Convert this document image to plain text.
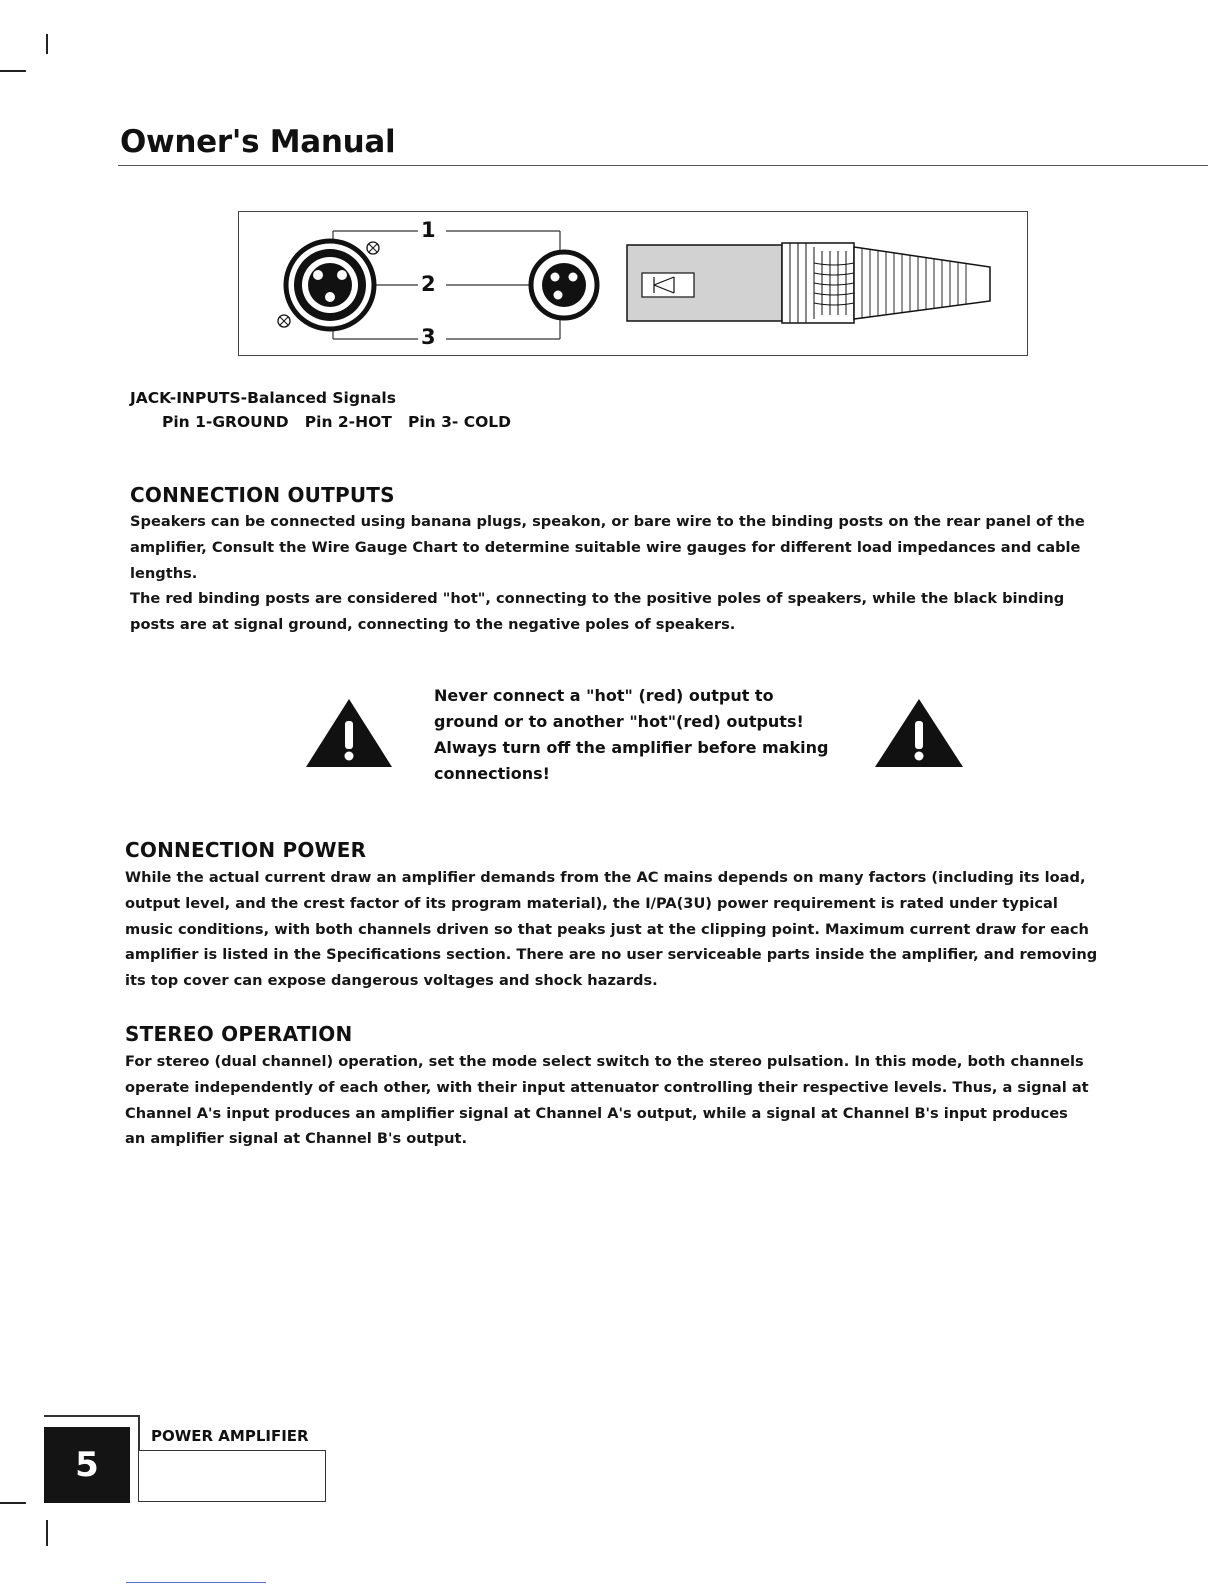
Owner's Manual
1
2
3
JACK-INPUTS-Balanced Signals
Pin 1-GROUND   Pin 2-HOT   Pin 3- COLD
CONNECTION OUTPUTS
Speakers can be connected using banana plugs, speakon, or bare wire to the binding posts on the rear panel of the
amplifier, Consult the Wire Gauge Chart to determine suitable wire gauges for different load impedances and cable
lengths.
The red binding posts are considered "hot", connecting to the positive poles of speakers, while the black binding
posts are at signal ground, connecting to the negative poles of speakers.
Never connect a "hot" (red) output to
ground or to another "hot"(red) outputs!
Always turn off the amplifier before making
connections!
CONNECTION POWER
While the actual current draw an amplifier demands from the AC mains depends on many factors (including its load,
output level, and the crest factor of its program material), the I/PA(3U) power requirement is rated under typical
music conditions, with both channels driven so that peaks just at the clipping point. Maximum current draw for each
amplifier is listed in the Specifications section. There are no user serviceable parts inside the amplifier, and removing
its top cover can expose dangerous voltages and shock hazards.
STEREO OPERATION
For stereo (dual channel) operation, set the mode select switch to the stereo pulsation. In this mode, both channels
operate independently of each other, with their input attenuator controlling their respective levels. Thus, a signal at
Channel A's input produces an amplifier signal at Channel A's output, while a signal at Channel B's input produces
an amplifier signal at Channel B's output.
5
POWER AMPLIFIER
